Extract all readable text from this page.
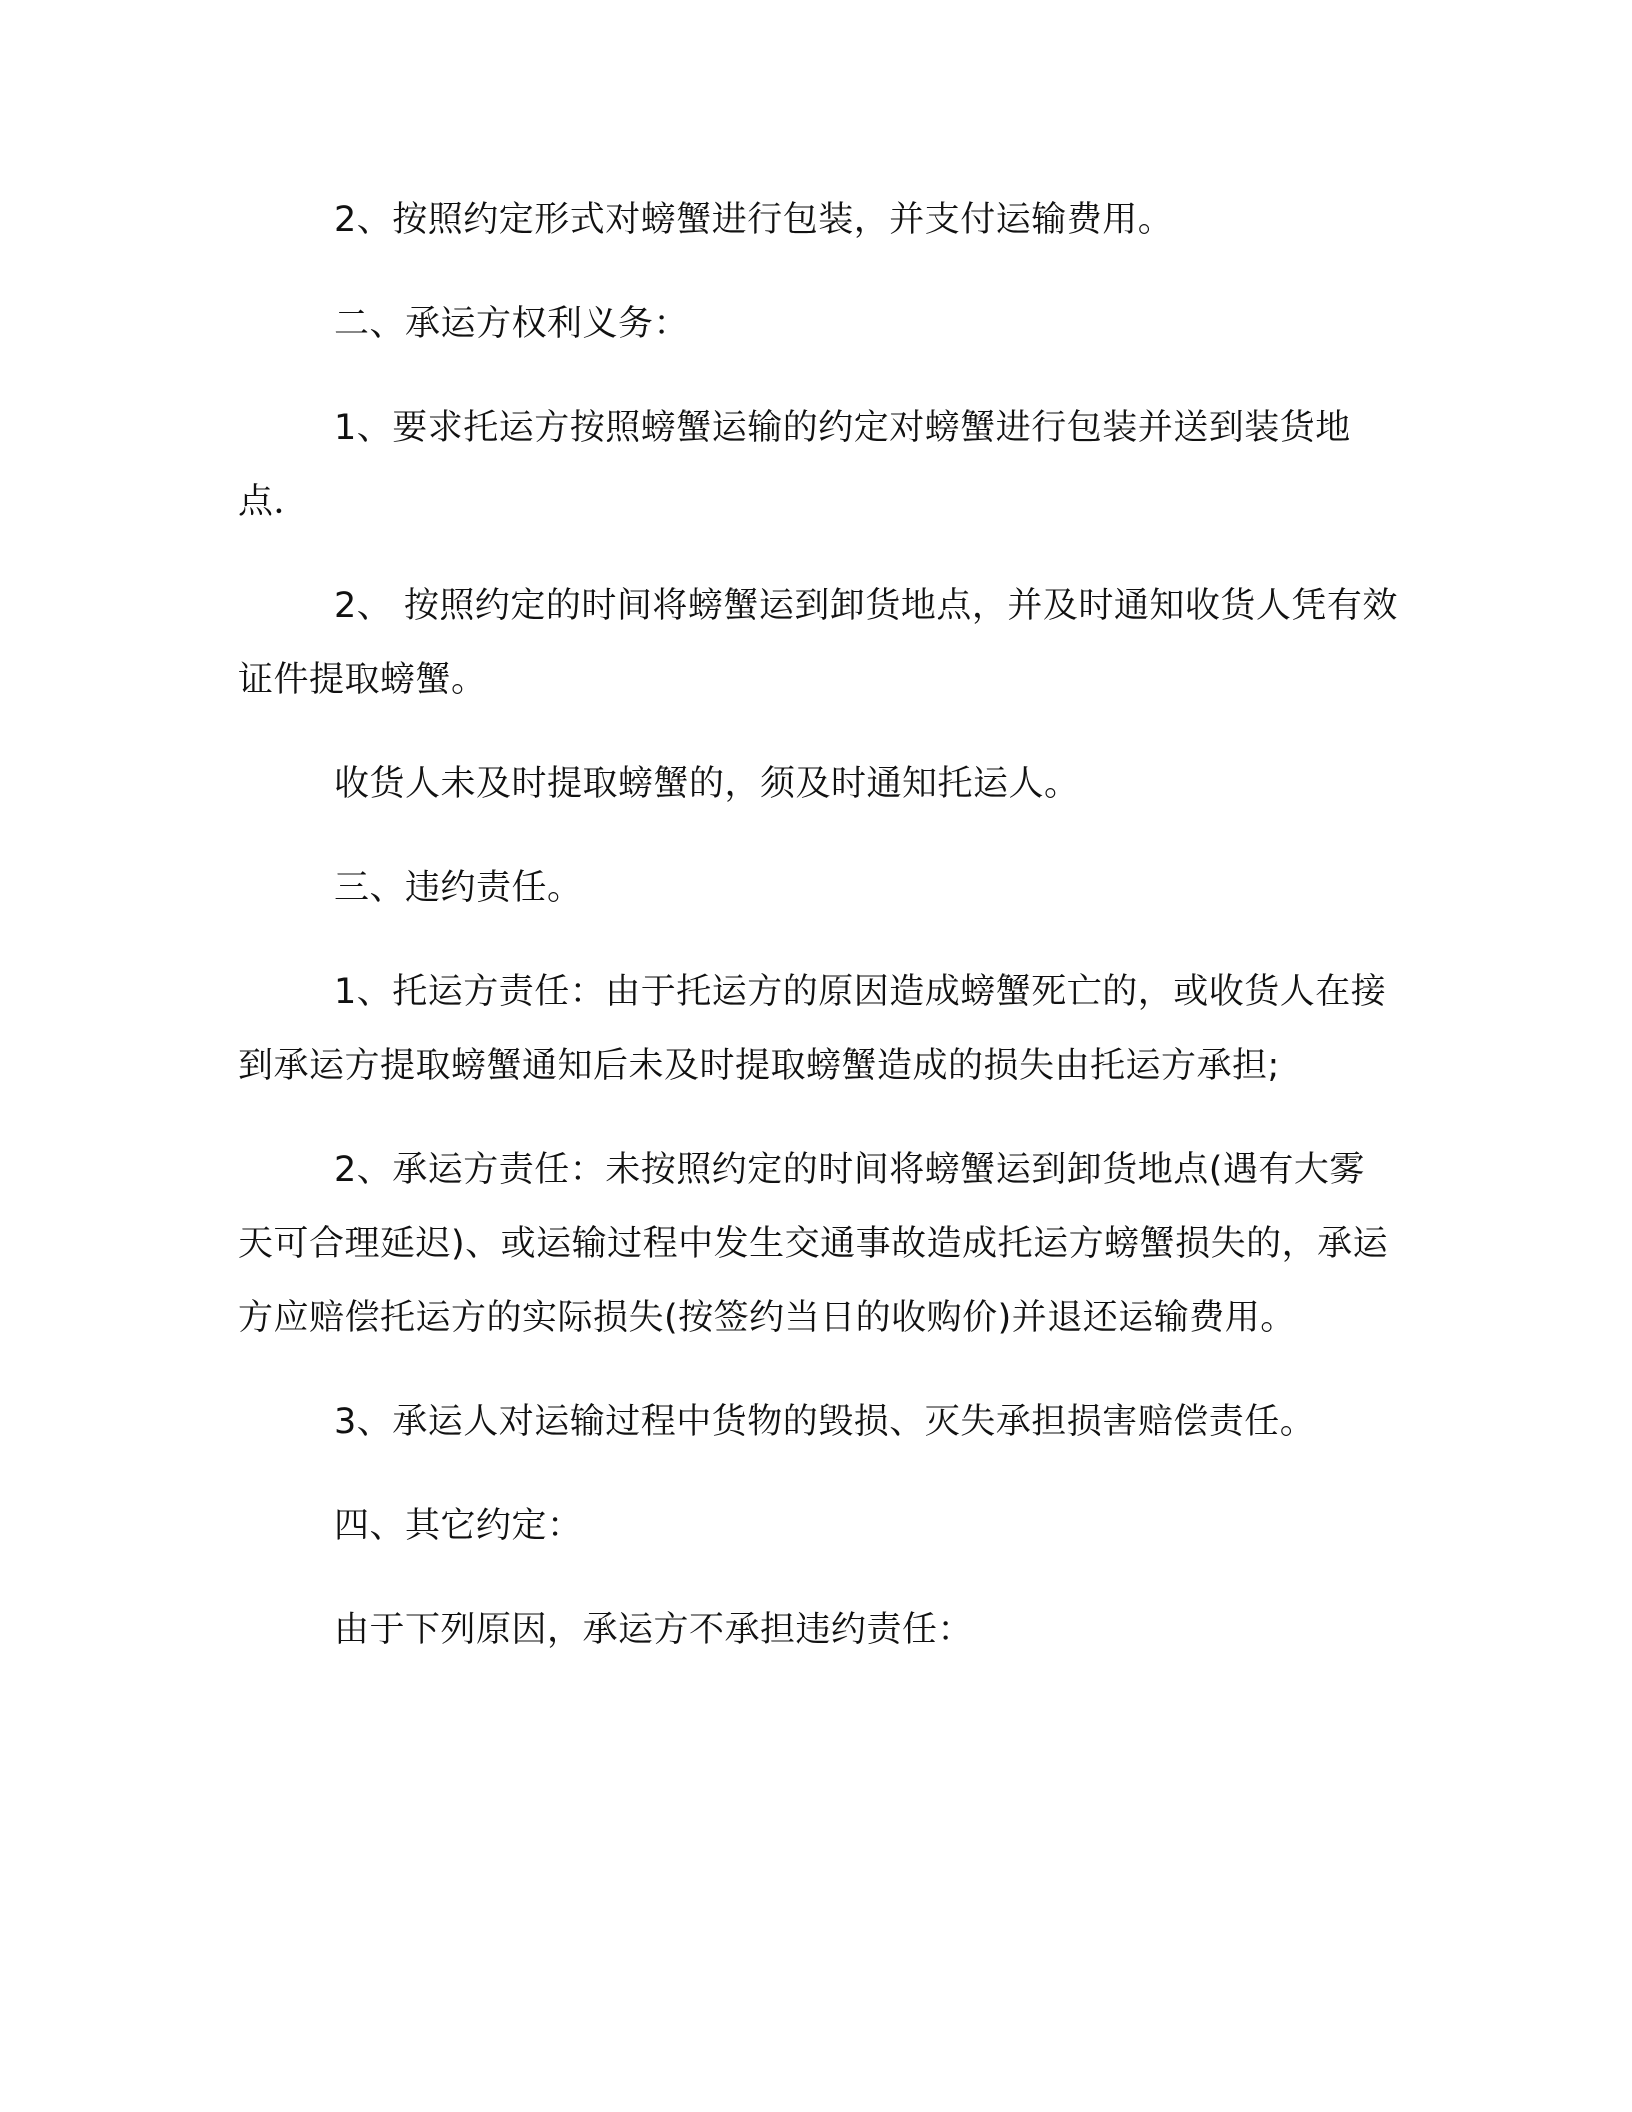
2、按照约定形式对螃蟹进行包装，并支付运输费用。

二、承运方权利义务：

1、要求托运方按照螃蟹运输的约定对螃蟹进行包装并送到装货地点．

2、 按照约定的时间将螃蟹运到卸货地点，并及时通知收货人凭有效证件提取螃蟹。

收货人未及时提取螃蟹的，须及时通知托运人。

三、违约责任。

1、托运方责任：由于托运方的原因造成螃蟹死亡的，或收货人在接到承运方提取螃蟹通知后未及时提取螃蟹造成的损失由托运方承担;

2、承运方责任：未按照约定的时间将螃蟹运到卸货地点(遇有大雾天可合理延迟)、或运输过程中发生交通事故造成托运方螃蟹损失的，承运方应赔偿托运方的实际损失(按签约当日的收购价)并退还运输费用。

3、承运人对运输过程中货物的毁损、灭失承担损害赔偿责任。

四、其它约定：

由于下列原因，承运方不承担违约责任：
